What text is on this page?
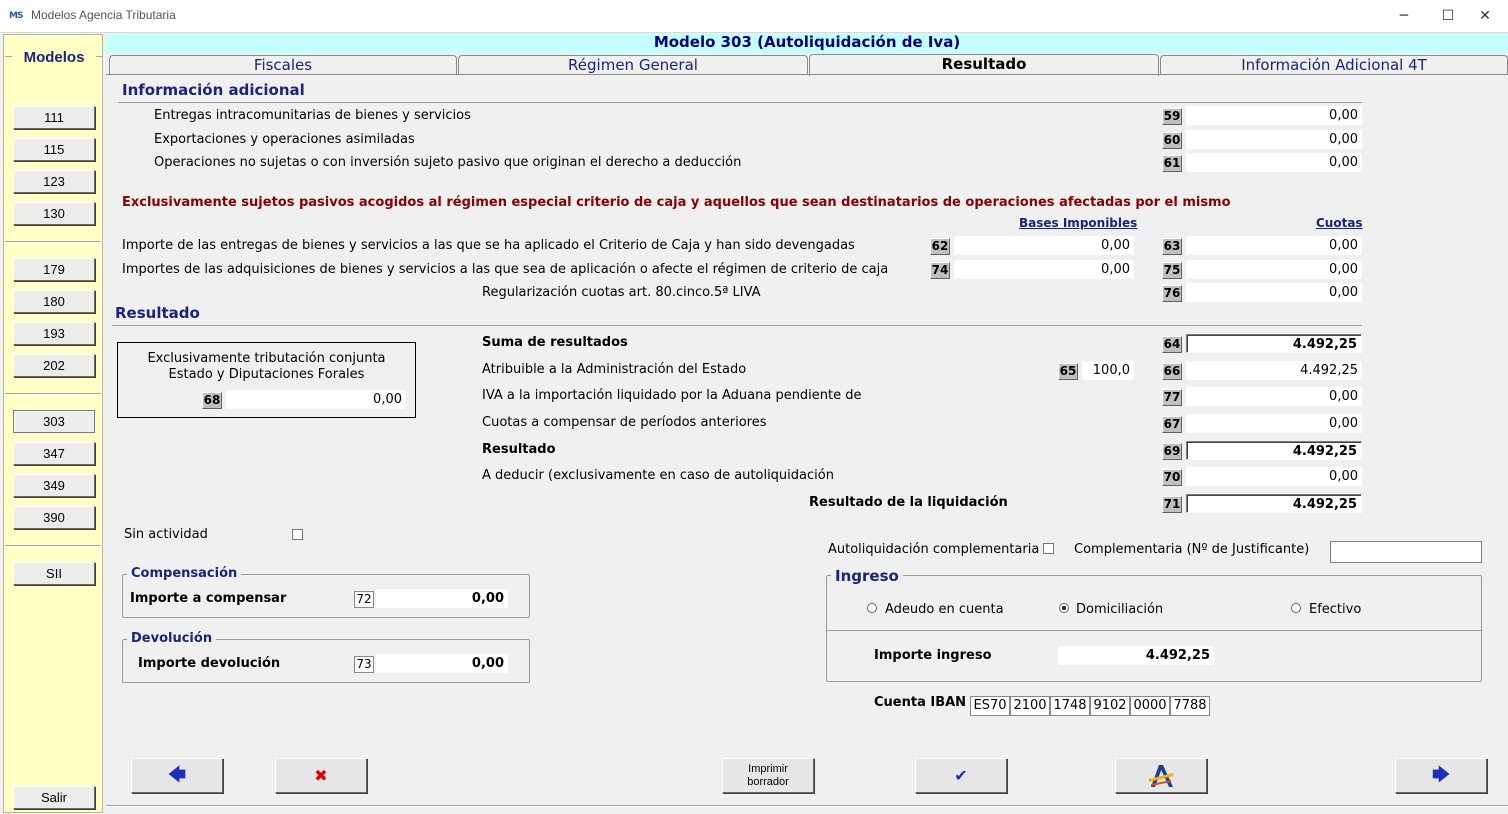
MS Modelos Agencia Tributaria	─	☐	✕
Modelos
111
115
123
130
179
180
193
202
303
347
349
390
SII
Salir
Modelo 303 (Autoliquidación de Iva)
Fiscales	Régimen General	Resultado	Información Adicional 4T
Información adicional
Entregas intracomunitarias de bienes y servicios	59	0,00
Exportaciones y operaciones asimiladas	60	0,00
Operaciones no sujetas o con inversión sujeto pasivo que originan el derecho a deducción	61	0,00
Exclusivamente sujetos pasivos acogidos al régimen especial criterio de caja y aquellos que sean destinatarios de operaciones afectadas por el mismo
Bases Imponibles	Cuotas
Importe de las entregas de bienes y servicios a las que se ha aplicado el Criterio de Caja y han sido devengadas	62	0,00	63	0,00
Importes de las adquisiciones de bienes y servicios a las que sea de aplicación o afecte el régimen de criterio de caja	74	0,00	75	0,00
Regularización cuotas art. 80.cinco.5ª LIVA	76	0,00
Resultado
Exclusivamente tributación conjunta
Estado y Diputaciones Forales
68	0,00
Suma de resultados	64	4.492,25
Atribuible a la Administración del Estado	65	100,0	66	4.492,25
IVA a la importación liquidado por la Aduana pendiente de	77	0,00
Cuotas a compensar de períodos anteriores	67	0,00
Resultado	69	4.492,25
A deducir (exclusivamente en caso de autoliquidación	70	0,00
Resultado de la liquidación	71	4.492,25
Sin actividad
Compensación
Importe a compensar	72	0,00
Devolución
Importe devolución	73	0,00
Autoliquidación complementaria	Complementaria (Nº de Justificante)
Ingreso
Adeudo en cuenta	Domiciliación	Efectivo
Importe ingreso	4.492,25
Cuenta IBAN ES70 2100 1748 9102 0000 7788
🡄	✖	Imprimir
borrador	✔	🡆
